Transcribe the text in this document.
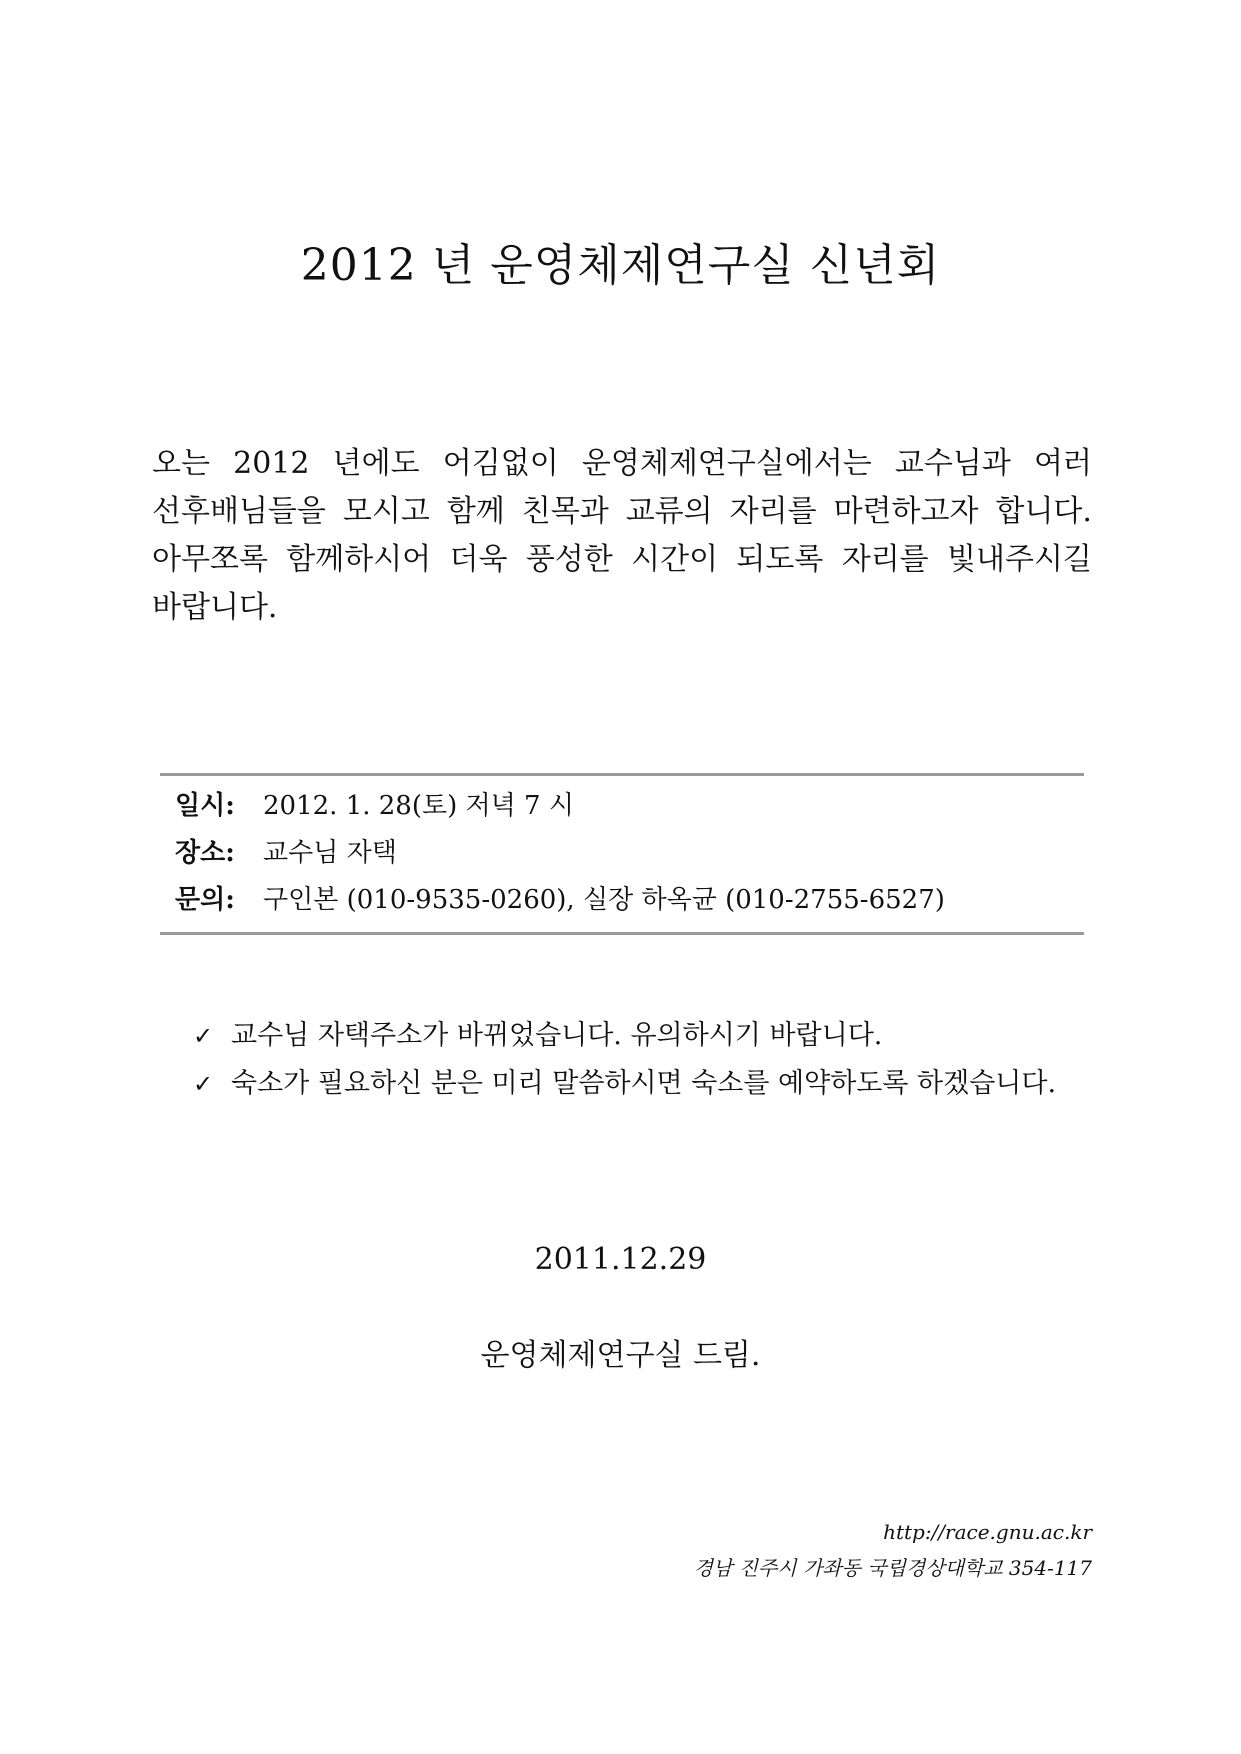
2012 년 운영체제연구실 신년회
오는 2012 년에도 어김없이 운영체제연구실에서는 교수님과 여러
선후배님들을 모시고 함께 친목과 교류의 자리를 마련하고자 합니다.
아무쪼록 함께하시어 더욱 풍성한 시간이 되도록 자리를 빛내주시길
바랍니다.
일시:	2012. 1. 28(토) 저녁 7 시
장소:	교수님 자택
문의:	구인본 (010-9535-0260), 실장 하옥균 (010-2755-6527)
✓ 교수님 자택주소가 바뀌었습니다. 유의하시기 바랍니다.
✓ 숙소가 필요하신 분은 미리 말씀하시면 숙소를 예약하도록 하겠습니다.
2011.12.29
운영체제연구실 드림.
http://race.gnu.ac.kr
경남 진주시 가좌동 국립경상대학교 354-117
